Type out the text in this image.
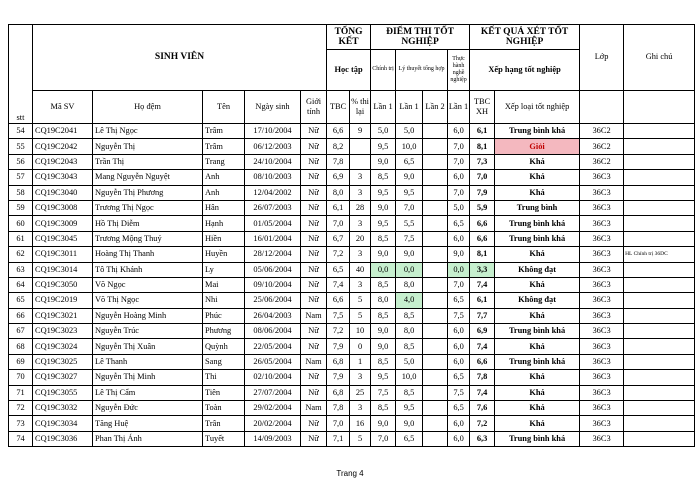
stt	SINH VIÊN					TỔNG KẾT		ĐIỂM THI TỐT NGHIỆP				KẾT QUẢ XÉT TỐT NGHIỆP		Lớp	Ghi chú
						Học tập		Chính trị	Lý thuyết tổng hợp		Thực hành nghề nghiệp	Xếp hạng tốt nghiệp			
	Mã SV	Họ đệm	Tên	Ngày sinh	Giới tính	TBC	% thi lại	Lần 1	Lần 1	Lần 2	Lần 1	TBC XH	Xếp loại tốt nghiệp		
54	CQ19C2041	Lê Thị Ngọc	Trâm	17/10/2004	Nữ	6,6	9	5,0	5,0		6,0	6,1	Trung bình khá	36C2	
55	CQ19C2042	Nguyễn Thị	Trâm	06/12/2003	Nữ	8,2		9,5	10,0		7,0	8,1	Giỏi	36C2	
56	CQ19C2043	Trần Thị	Trang	24/10/2004	Nữ	7,8		9,0	6,5		7,0	7,3	Khá	36C2	
57	CQ19C3043	Mang Nguyễn Nguyệt	Anh	08/10/2003	Nữ	6,9	3	8,5	9,0		6,0	7,0	Khá	36C3	
58	CQ19C3040	Nguyễn Thị Phương	Anh	12/04/2002	Nữ	8,0	3	9,5	9,5		7,0	7,9	Khá	36C3	
59	CQ19C3008	Trương Thị Ngọc	Hân	26/07/2003	Nữ	6,1	28	9,0	7,0		5,0	5,9	Trung bình	36C3	
60	CQ19C3009	Hồ Thị Diễm	Hạnh	01/05/2004	Nữ	7,0	3	9,5	5,5		6,5	6,6	Trung bình khá	36C3	
61	CQ19C3045	Trương Mộng Thuý	Hiền	16/01/2004	Nữ	6,7	20	8,5	7,5		6,0	6,6	Trung bình khá	36C3	
62	CQ19C3011	Hoàng Thị Thanh	Huyền	28/12/2004	Nữ	7,2	3	9,0	9,0		9,0	8,1	Khá	36C3	HL Chính trị 36DC
63	CQ19C3014	Tô Thị Khánh	Ly	05/06/2004	Nữ	6,5	40	0,0	0,0		0,0	3,3	Không đạt	36C3	
64	CQ19C3050	Võ Ngọc	Mai	09/10/2004	Nữ	7,4	3	8,5	8,0		7,0	7,4	Khá	36C3	
65	CQ19C2019	Võ Thị Ngọc	Nhi	25/06/2004	Nữ	6,6	5	8,0	4,0		6,5	6,1	Không đạt	36C3	
66	CQ19C3021	Nguyễn Hoàng Minh	Phúc	26/04/2003	Nam	7,5	5	8,5	8,5		7,5	7,7	Khá	36C3	
67	CQ19C3023	Nguyễn Trúc	Phương	08/06/2004	Nữ	7,2	10	9,0	8,0		6,0	6,9	Trung bình khá	36C3	
68	CQ19C3024	Nguyễn Thị Xuân	Quỳnh	22/05/2004	Nữ	7,9	0	9,0	8,5		6,0	7,4	Khá	36C3	
69	CQ19C3025	Lê Thanh	Sang	26/05/2004	Nam	6,8	1	8,5	5,0		6,0	6,6	Trung bình khá	36C3	
70	CQ19C3027	Nguyễn Thị Minh	Thi	02/10/2004	Nữ	7,9	3	9,5	10,0		6,5	7,8	Khá	36C3	
71	CQ19C3055	Lê Thị Cẩm	Tiên	27/07/2004	Nữ	6,8	25	7,5	8,5		7,5	7,4	Khá	36C3	
72	CQ19C3032	Nguyễn Đức	Toàn	29/02/2004	Nam	7,8	3	8,5	9,5		6,5	7,6	Khá	36C3	
73	CQ19C3034	Tăng Huệ	Trân	20/02/2004	Nữ	7,0	16	9,0	9,0		6,0	7,2	Khá	36C3	
74	CQ19C3036	Phan Thị Ánh	Tuyết	14/09/2003	Nữ	7,1	5	7,0	6,5		6,0	6,3	Trung bình khá	36C3	
Trang 4
